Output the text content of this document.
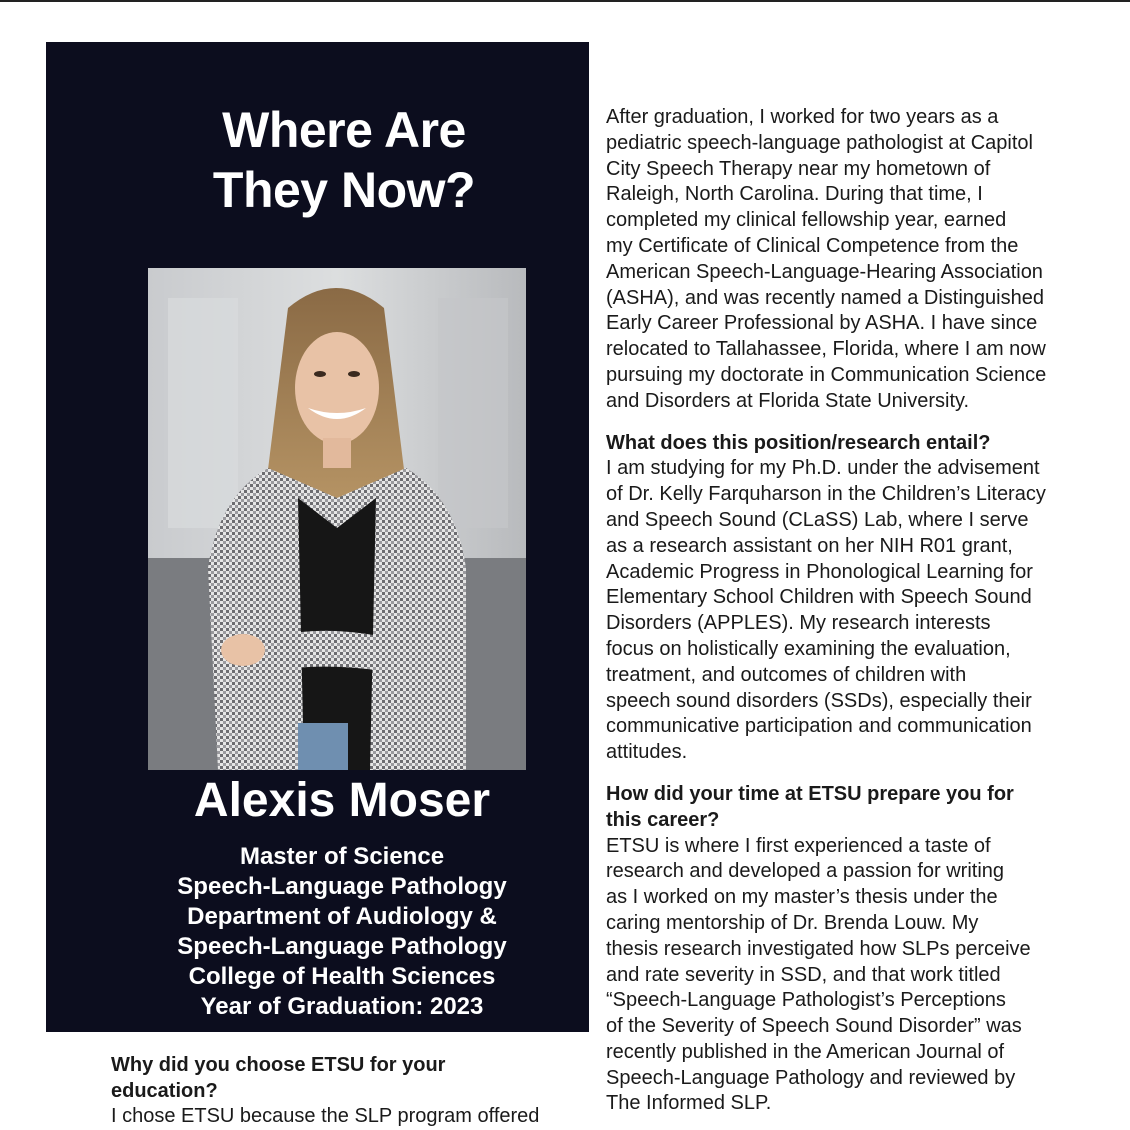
Where Are
They Now?
Alexis Moser
Master of Science
Speech-Language Pathology
Department of Audiology &
Speech-Language Pathology
College of Health Sciences
Year of Graduation: 2023
Why did you choose ETSU for your
education?
I chose ETSU because the SLP program offered
After graduation, I worked for two years as a
pediatric speech-language pathologist at Capitol
City Speech Therapy near my hometown of
Raleigh, North Carolina. During that time, I
completed my clinical fellowship year, earned
my Certificate of Clinical Competence from the
American Speech-Language-Hearing Association
(ASHA), and was recently named a Distinguished
Early Career Professional by ASHA. I have since
relocated to Tallahassee, Florida, where I am now
pursuing my doctorate in Communication Science
and Disorders at Florida State University.
What does this position/research entail?
I am studying for my Ph.D. under the advisement
of Dr. Kelly Farquharson in the Children’s Literacy
and Speech Sound (CLaSS) Lab, where I serve
as a research assistant on her NIH R01 grant,
Academic Progress in Phonological Learning for
Elementary School Children with Speech Sound
Disorders (APPLES). My research interests
focus on holistically examining the evaluation,
treatment, and outcomes of children with
speech sound disorders (SSDs), especially their
communicative participation and communication
attitudes.
How did your time at ETSU prepare you for
this career?
ETSU is where I first experienced a taste of
research and developed a passion for writing
as I worked on my master’s thesis under the
caring mentorship of Dr. Brenda Louw. My
thesis research investigated how SLPs perceive
and rate severity in SSD, and that work titled
“Speech-Language Pathologist’s Perceptions
of the Severity of Speech Sound Disorder” was
recently published in the American Journal of
Speech-Language Pathology and reviewed by
The Informed SLP.
